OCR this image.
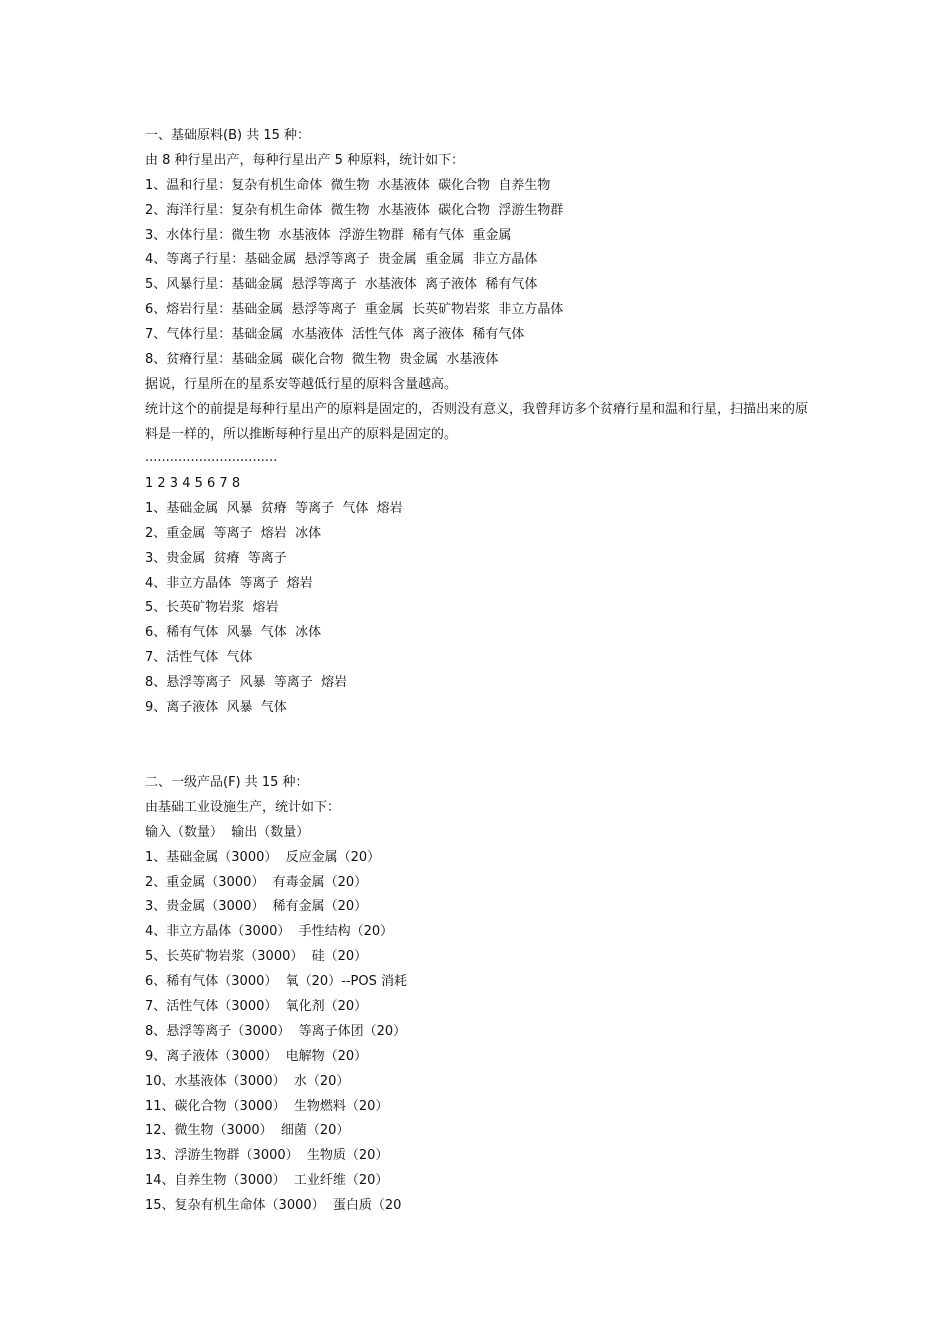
一、基础原料(B) 共 15 种：
由 8 种行星出产，每种行星出产 5 种原料，统计如下：
1、温和行星：复杂有机生命体  微生物  水基液体  碳化合物  自养生物
2、海洋行星：复杂有机生命体  微生物  水基液体  碳化合物  浮游生物群
3、水体行星：微生物  水基液体  浮游生物群  稀有气体  重金属
4、等离子行星：基础金属  悬浮等离子  贵金属  重金属  非立方晶体
5、风暴行星：基础金属  悬浮等离子  水基液体  离子液体  稀有气体
6、熔岩行星：基础金属  悬浮等离子  重金属  长英矿物岩浆  非立方晶体
7、气体行星：基础金属  水基液体  活性气体  离子液体  稀有气体
8、贫瘠行星：基础金属  碳化合物  微生物  贵金属  水基液体
据说，行星所在的星系安等越低行星的原料含量越高。
统计这个的前提是每种行星出产的原料是固定的，否则没有意义，我曾拜访多个贫瘠行星和温和行星，扫描出来的原料是一样的，所以推断每种行星出产的原料是固定的。
................................
1 2 3 4 5 6 7 8
1、基础金属  风暴  贫瘠  等离子  气体  熔岩
2、重金属  等离子  熔岩  冰体
3、贵金属  贫瘠  等离子
4、非立方晶体  等离子  熔岩
5、长英矿物岩浆  熔岩
6、稀有气体  风暴  气体  冰体
7、活性气体  气体
8、悬浮等离子  风暴  等离子  熔岩
9、离子液体  风暴  气体
二、一级产品(F) 共 15 种：
由基础工业设施生产，统计如下：
输入（数量）  输出（数量）
1、基础金属（3000）  反应金属（20）
2、重金属（3000）  有毒金属（20）
3、贵金属（3000）  稀有金属（20）
4、非立方晶体（3000）  手性结构（20）
5、长英矿物岩浆（3000）  硅（20）
6、稀有气体（3000）  氧（20）--POS 消耗
7、活性气体（3000）  氧化剂（20）
8、悬浮等离子（3000）  等离子体团（20）
9、离子液体（3000）  电解物（20）
10、水基液体（3000）  水（20）
11、碳化合物（3000）  生物燃料（20）
12、微生物（3000）  细菌（20）
13、浮游生物群（3000）  生物质（20）
14、自养生物（3000）  工业纤维（20）
15、复杂有机生命体（3000）  蛋白质（20
